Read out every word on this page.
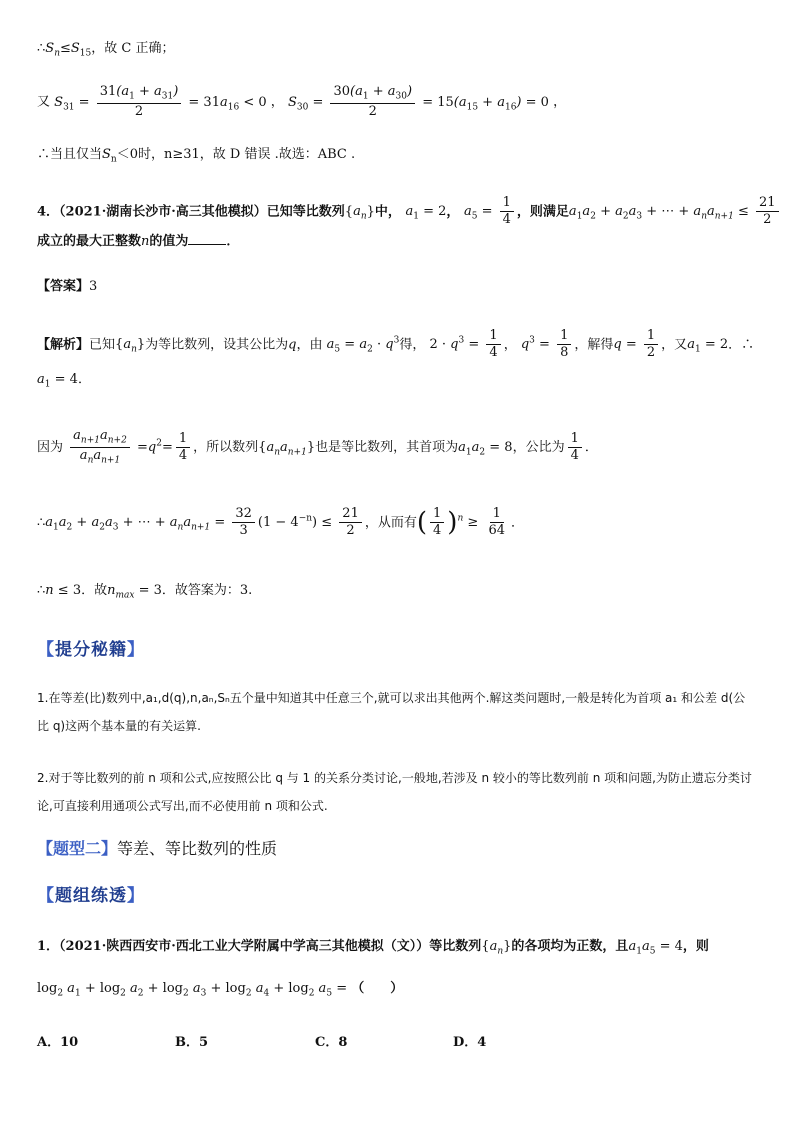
$\therefore S_n\le S_{15}$，故 C 正确；
又 $S_{31} = \frac{31(a_1 + a_{31})}{2} = 31a_{16} < 0$ ， $S_{30} = \frac{30(a_1 + a_{30})}{2} = 15(a_{15} + a_{16}) = 0$ ，
∴当且仅当$S_n<0$时，n≥31，故 D 错误 .故选：ABC .
4．（2021·湖南长沙市·高三其他模拟）已知等比数列$\{a_n\}$中， $a_1 = 2$， $a_5 = \frac{1}{4}$ ，则满足$a_1a_2 + a_2a_3$ + ⋯ + $a_na_{n+1} \le \frac{21}{2}$
成立的最大正整数n的值为	．
【答案】3
【解析】已知$\{a_n\}$为等比数列，设其公比为q，由 $a_5 = a_2 \cdot q^3$得， $2 \cdot q^3 = \frac{1}{4}$ ， $q^3 = \frac{1}{8}$ ，解得$q = \frac{1}{2}$ ，又$a_1 = 2$．∴
$a_1 = 4$．
因为 $\frac{a_{n+1}a_{n+2}}{a_na_{n+1}} =q^2= \frac{1}{4}$ ，所以数列$\{a_na_{n+1}\}$也是等比数列，其首项为$a_1a_2 = 8$，公比为 $\frac{1}{4}$ ．
$\therefore a_1a_2 + a_2a_3$ + ⋯ + $a_na_{n+1} = \frac{32}{3} (1 - 4^{-n}) \le \frac{21}{2}$ ，从而有( $\frac{1}{4} )^n \ge \frac{1}{64}$ ．
∴n ≤ 3．故$n_{max} = 3$．故答案为：3.
【提分秘籍】
1.在等差(比)数列中,a₁,d(q),n,aₙ,Sₙ五个量中知道其中任意三个,就可以求出其他两个.解这类问题时,一般是转化为首项 a₁ 和公差 d(公比 q)这两个基本量的有关运算.
2.对于等比数列的前 n 项和公式,应按照公比 q 与 1 的关系分类讨论,一般地,若涉及 n 较小的等比数列前 n 项和问题,为防止遗忘分类讨论,可直接利用通项公式写出,而不必使用前 n 项和公式.
【题型二】等差、等比数列的性质
【题组练透】
1．（2021·陕西西安市·西北工业大学附属中学高三其他模拟（文））等比数列$\{a_n\}$的各项均为正数，且$a_1a_5 = 4$，则
$\log_2 a_1 + \log_2 a_2 + \log_2 a_3 + \log_2 a_4 + \log_2 a_5$ = （　　）
A．10	B．5	C．8	D．4
